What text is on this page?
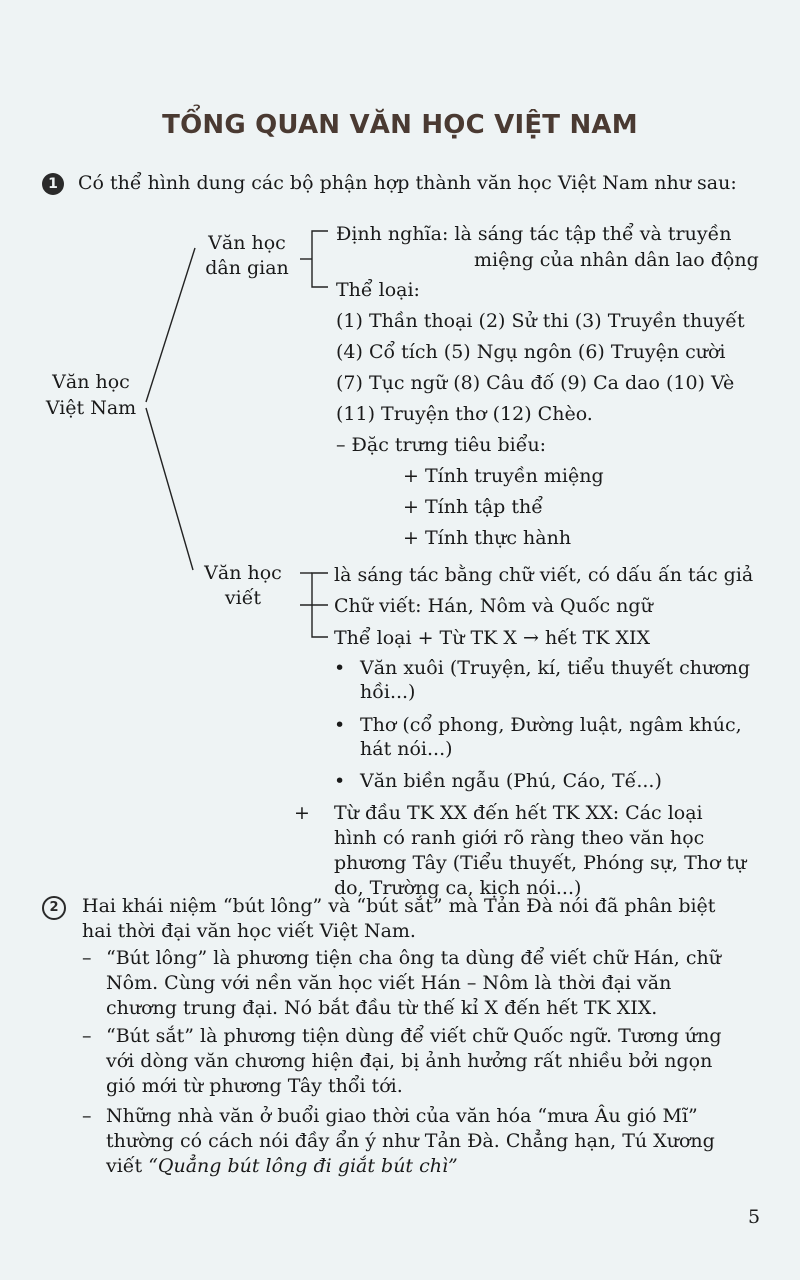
TỔNG QUAN VĂN HỌC VIỆT NAM
1	Có thể hình dung các bộ phận hợp thành văn học Việt Nam như sau:
Văn học
Việt Nam
Văn học
dân gian
Định nghĩa: là sáng tác tập thể và truyền
miệng của nhân dân lao động
Thể loại:
(1) Thần thoại (2) Sử thi (3) Truyền thuyết
(4) Cổ tích (5) Ngụ ngôn (6) Truyện cười
(7) Tục ngữ (8) Câu đố (9) Ca dao (10) Vè
(11) Truyện thơ (12) Chèo.
– Đặc trưng tiêu biểu:
+ Tính truyền miệng
+ Tính tập thể
+ Tính thực hành
Văn học
viết
là sáng tác bằng chữ viết, có dấu ấn tác giả
Chữ viết: Hán, Nôm và Quốc ngữ
Thể loại + Từ TK X → hết TK XIX
• Văn xuôi (Truyện, kí, tiểu thuyết chương
hồi...)
• Thơ (cổ phong, Đường luật, ngâm khúc,
hát nói...)
• Văn biền ngẫu (Phú, Cáo, Tế...)
+ Từ đầu TK XX đến hết TK XX: Các loại
hình có ranh giới rõ ràng theo văn học
phương Tây (Tiểu thuyết, Phóng sự, Thơ tự
do, Trường ca, kịch nói...)
2	Hai khái niệm “bút lông” và “bút sắt” mà Tản Đà nói đã phân biệt
hai thời đại văn học viết Việt Nam.
– “Bút lông” là phương tiện cha ông ta dùng để viết chữ Hán, chữ
Nôm. Cùng với nền văn học viết Hán – Nôm là thời đại văn
chương trung đại. Nó bắt đầu từ thế kỉ X đến hết TK XIX.
– “Bút sắt” là phương tiện dùng để viết chữ Quốc ngữ. Tương ứng
với dòng văn chương hiện đại, bị ảnh hưởng rất nhiều bởi ngọn
gió mới từ phương Tây thổi tới.
– Những nhà văn ở buổi giao thời của văn hóa “mưa Âu gió Mĩ”
thường có cách nói đầy ẩn ý như Tản Đà. Chẳng hạn, Tú Xương
viết “Quẳng bút lông đi giắt bút chì”
5
